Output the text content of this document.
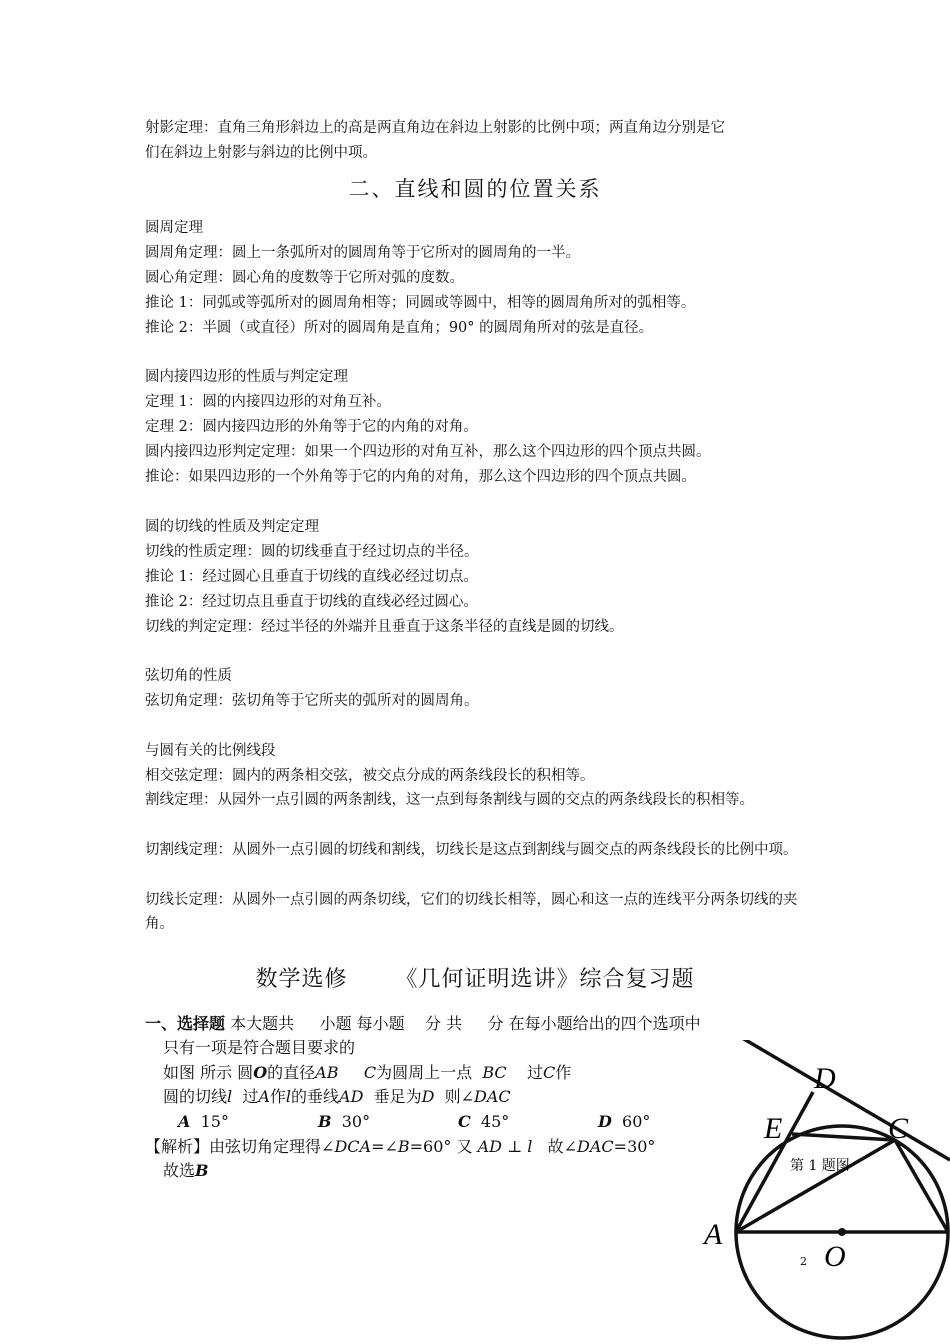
射影定理：直角三角形斜边上的高是两直角边在斜边上射影的比例中项；两直角边分别是它
们在斜边上射影与斜边的比例中项。
二、直线和圆的位置关系
圆周定理
圆周角定理：圆上一条弧所对的圆周角等于它所对的圆周角的一半。
圆心角定理：圆心角的度数等于它所对弧的度数。
推论 1：同弧或等弧所对的圆周角相等；同圆或等圆中，相等的圆周角所对的弧相等。
推论 2：半圆（或直径）所对的圆周角是直角；90° 的圆周角所对的弦是直径。
圆内接四边形的性质与判定定理
定理 1：圆的内接四边形的对角互补。
定理 2：圆内接四边形的外角等于它的内角的对角。
圆内接四边形判定定理：如果一个四边形的对角互补，那么这个四边形的四个顶点共圆。
推论：如果四边形的一个外角等于它的内角的对角，那么这个四边形的四个顶点共圆。
圆的切线的性质及判定定理
切线的性质定理：圆的切线垂直于经过切点的半径。
推论 1：经过圆心且垂直于切线的直线必经过切点。
推论 2：经过切点且垂直于切线的直线必经过圆心。
切线的判定定理：经过半径的外端并且垂直于这条半径的直线是圆的切线。
弦切角的性质
弦切角定理：弦切角等于它所夹的弧所对的圆周角。
与圆有关的比例线段
相交弦定理：圆内的两条相交弦，被交点分成的两条线段长的积相等。
割线定理：从园外一点引圆的两条割线，这一点到每条割线与圆的交点的两条线段长的积相等。
切割线定理：从圆外一点引圆的切线和割线，切线长是这点到割线与圆交点的两条线段长的比例中项。
切线长定理：从圆外一点引圆的两条切线，它们的切线长相等，圆心和这一点的连线平分两条切线的夹角。
数学选修 《几何证明选讲》综合复习题
一、选择题 本大题共 小题 每小题 分 共 分 在每小题给出的四个选项中
只有一项是符合题目要求的
如图 所示 圆O的直径AB C为圆周上一点 BC 过C作
圆的切线l 过A作l的垂线AD 垂足为D 则∠DAC
A 15°	B 30°	C 45°	D 60°
【解析】由弦切角定理得∠DCA=∠B=60° 又 AD ⊥ l 故∠DAC=30°
故选B
D
E	C
A
O
第 1 题图
2
